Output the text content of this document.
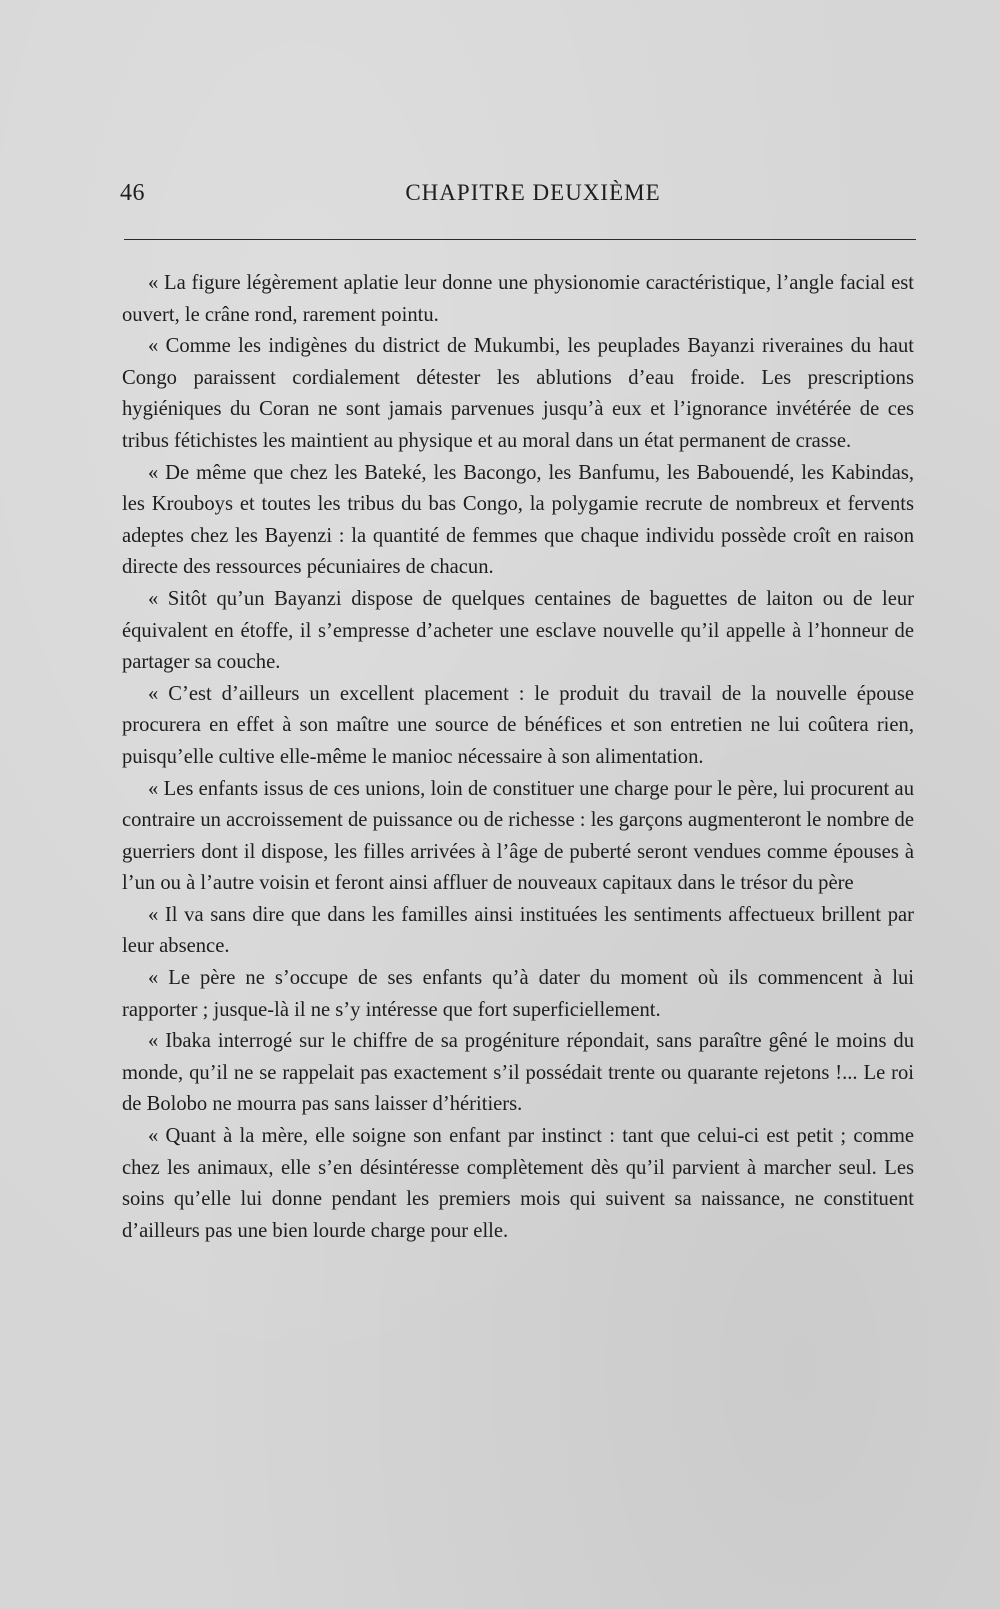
46	CHAPITRE DEUXIÈME

« La figure légèrement aplatie leur donne une physionomie caractéristique, l’angle facial est ouvert, le crâne rond, rarement pointu.

« Comme les indigènes du district de Mukumbi, les peuplades Bayanzi riveraines du haut Congo paraissent cordialement détester les ablutions d’eau froide. Les prescriptions hygiéniques du Coran ne sont jamais parvenues jusqu’à eux et l’ignorance invétérée de ces tribus fétichistes les maintient au physique et au moral dans un état permanent de crasse.

« De même que chez les Bateké, les Bacongo, les Banfumu, les Babouendé, les Kabindas, les Krouboys et toutes les tribus du bas Congo, la polygamie recrute de nombreux et fervents adeptes chez les Bayenzi : la quantité de femmes que chaque individu possède croît en raison directe des ressources pécuniaires de chacun.

« Sitôt qu’un Bayanzi dispose de quelques centaines de baguettes de laiton ou de leur équivalent en étoffe, il s’empresse d’acheter une esclave nouvelle qu’il appelle à l’honneur de partager sa couche.

« C’est d’ailleurs un excellent placement : le produit du travail de la nouvelle épouse procurera en effet à son maître une source de bénéfices et son entretien ne lui coûtera rien, puisqu’elle cultive elle-même le manioc nécessaire à son alimentation.

« Les enfants issus de ces unions, loin de constituer une charge pour le père, lui procurent au contraire un accroissement de puissance ou de richesse : les garçons augmenteront le nombre de guerriers dont il dispose, les filles arrivées à l’âge de puberté seront vendues comme épouses à l’un ou à l’autre voisin et feront ainsi affluer de nouveaux capitaux dans le trésor du père

« Il va sans dire que dans les familles ainsi instituées les sentiments affectueux brillent par leur absence.

« Le père ne s’occupe de ses enfants qu’à dater du moment où ils commencent à lui rapporter ; jusque-là il ne s’y intéresse que fort superficiellement.

« Ibaka interrogé sur le chiffre de sa progéniture répondait, sans paraître gêné le moins du monde, qu’il ne se rappelait pas exactement s’il possédait trente ou quarante rejetons !... Le roi de Bolobo ne mourra pas sans laisser d’héritiers.

« Quant à la mère, elle soigne son enfant par instinct : tant que celui-ci est petit ; comme chez les animaux, elle s’en désintéresse complètement dès qu’il parvient à marcher seul. Les soins qu’elle lui donne pendant les premiers mois qui suivent sa naissance, ne constituent d’ailleurs pas une bien lourde charge pour elle.
